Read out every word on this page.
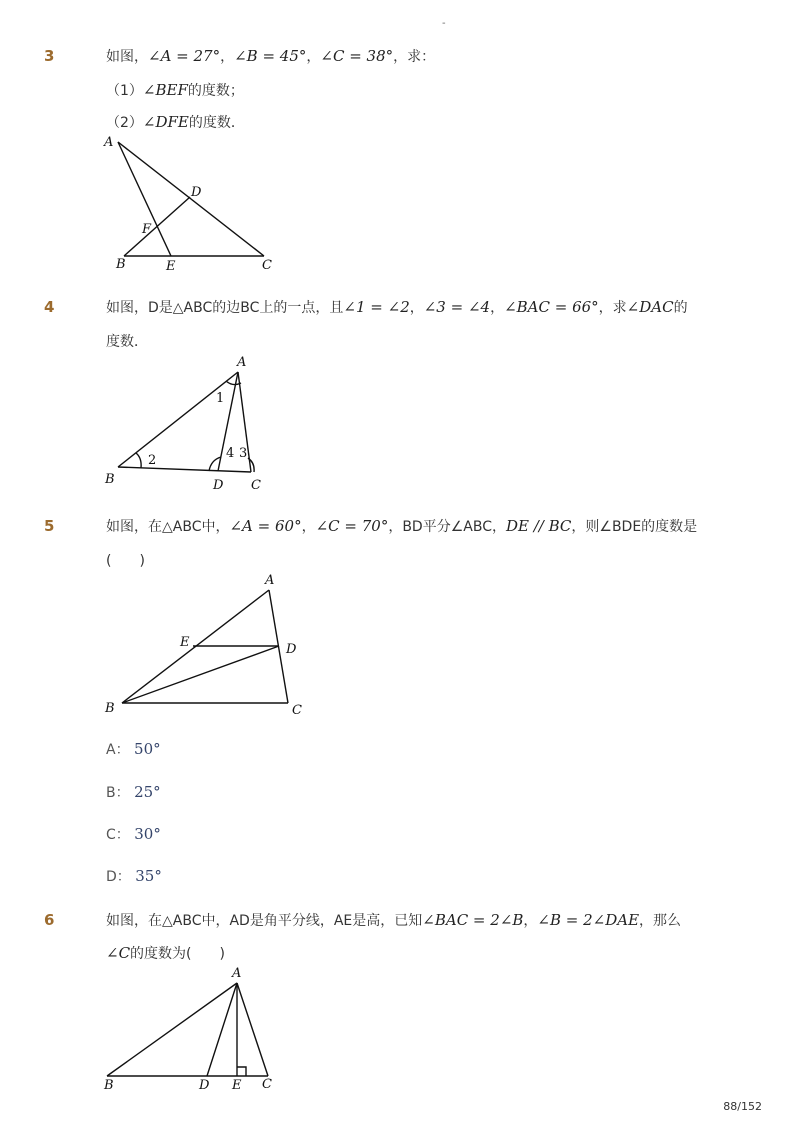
-
3	如图，∠A = 27°，∠B = 45°，∠C = 38°，求：
（1）∠BEF的度数；
（2）∠DFE的度数．
A
D
F
B	E	C
4	如图，D是△ABC的边BC上的一点，且∠1 = ∠2，∠3 = ∠4，∠BAC = 66°，求∠DAC的
度数．
A
1
2	4 3
B	D C
5	如图，在△ABC中，∠A = 60°，∠C = 70°，BD平分∠ABC，DE // BC，则∠BDE的度数是
(　　)
A
E	D
B	C
A： 50°
B： 25°
C： 30°
D： 35°
6	如图，在△ABC中，AD是角平分线，AE是高，已知∠BAC = 2∠B，∠B = 2∠DAE，那么
∠C的度数为(　　)
A
B	D E C
88/152
